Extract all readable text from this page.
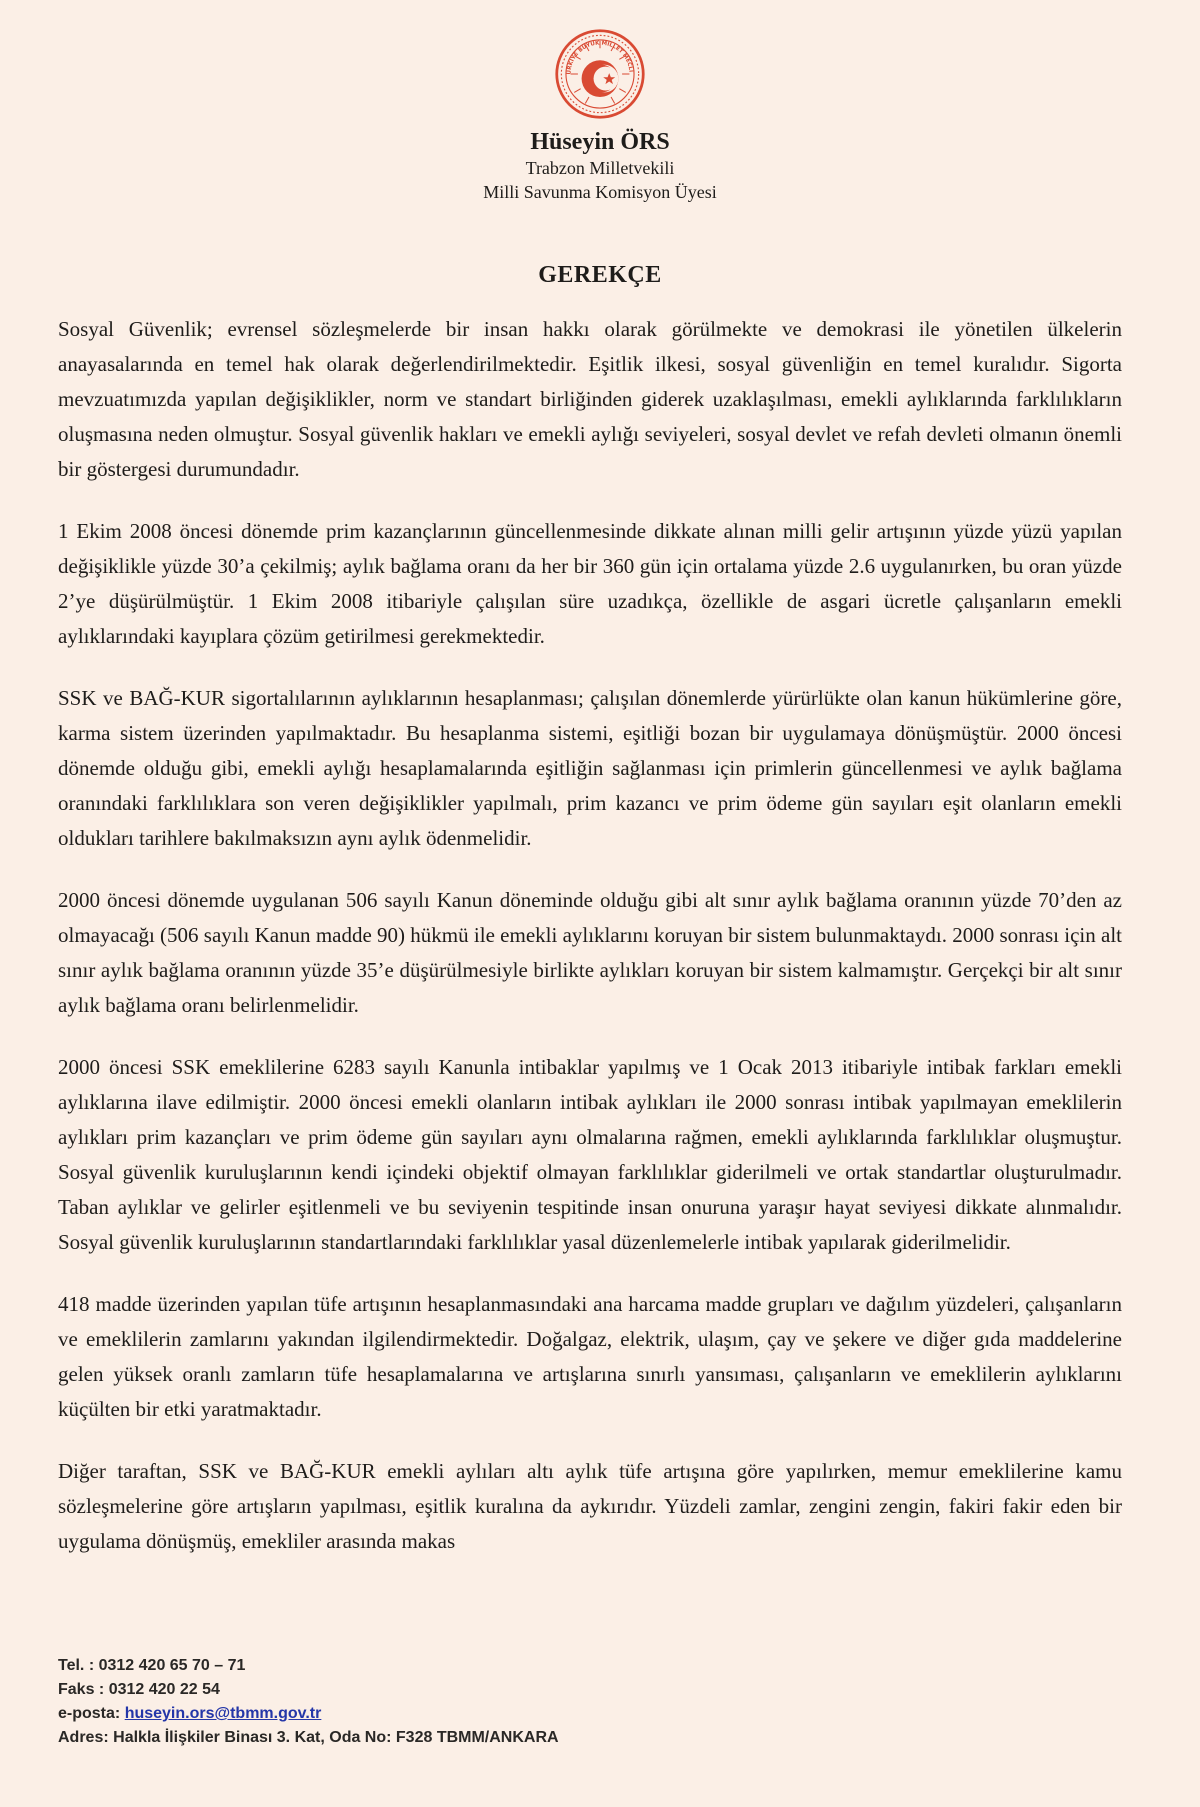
ÜRKİYE BÜYÜK MİLLET MECLİ
Hüseyin ÖRS
Trabzon Milletvekili
Milli Savunma Komisyon Üyesi
GEREKÇE

Sosyal Güvenlik; evrensel sözleşmelerde bir insan hakkı olarak görülmekte ve demokrasi ile yönetilen ülkelerin anayasalarında en temel hak olarak değerlendirilmektedir. Eşitlik ilkesi, sosyal güvenliğin en temel kuralıdır. Sigorta mevzuatımızda yapılan değişiklikler, norm ve standart birliğinden giderek uzaklaşılması, emekli aylıklarında farklılıkların oluşmasına neden olmuştur. Sosyal güvenlik hakları ve emekli aylığı seviyeleri, sosyal devlet ve refah devleti olmanın önemli bir göstergesi durumundadır.

1 Ekim 2008 öncesi dönemde prim kazançlarının güncellenmesinde dikkate alınan milli gelir artışının yüzde yüzü yapılan değişiklikle yüzde 30’a çekilmiş; aylık bağlama oranı da her bir 360 gün için ortalama yüzde 2.6 uygulanırken, bu oran yüzde 2’ye düşürülmüştür. 1 Ekim 2008 itibariyle çalışılan süre uzadıkça, özellikle de asgari ücretle çalışanların emekli aylıklarındaki kayıplara çözüm getirilmesi gerekmektedir.

SSK ve BAĞ-KUR sigortalılarının aylıklarının hesaplanması; çalışılan dönemlerde yürürlükte olan kanun hükümlerine göre, karma sistem üzerinden yapılmaktadır. Bu hesaplanma sistemi, eşitliği bozan bir uygulamaya dönüşmüştür. 2000 öncesi dönemde olduğu gibi, emekli aylığı hesaplamalarında eşitliğin sağlanması için primlerin güncellenmesi ve aylık bağlama oranındaki farklılıklara son veren değişiklikler yapılmalı, prim kazancı ve prim ödeme gün sayıları eşit olanların emekli oldukları tarihlere bakılmaksızın aynı aylık ödenmelidir.

2000 öncesi dönemde uygulanan 506 sayılı Kanun döneminde olduğu gibi alt sınır aylık bağlama oranının yüzde 70’den az olmayacağı (506 sayılı Kanun madde 90) hükmü ile emekli aylıklarını koruyan bir sistem bulunmaktaydı. 2000 sonrası için alt sınır aylık bağlama oranının yüzde 35’e düşürülmesiyle birlikte aylıkları koruyan bir sistem kalmamıştır. Gerçekçi bir alt sınır aylık bağlama oranı belirlenmelidir.

2000 öncesi SSK emeklilerine 6283 sayılı Kanunla intibaklar yapılmış ve 1 Ocak 2013 itibariyle intibak farkları emekli aylıklarına ilave edilmiştir. 2000 öncesi emekli olanların intibak aylıkları ile 2000 sonrası intibak yapılmayan emeklilerin aylıkları prim kazançları ve prim ödeme gün sayıları aynı olmalarına rağmen, emekli aylıklarında farklılıklar oluşmuştur. Sosyal güvenlik kuruluşlarının kendi içindeki objektif olmayan farklılıklar giderilmeli ve ortak standartlar oluşturulmadır. Taban aylıklar ve gelirler eşitlenmeli ve bu seviyenin tespitinde insan onuruna yaraşır hayat seviyesi dikkate alınmalıdır. Sosyal güvenlik kuruluşlarının standartlarındaki farklılıklar yasal düzenlemelerle intibak yapılarak giderilmelidir.

418 madde üzerinden yapılan tüfe artışının hesaplanmasındaki ana harcama madde grupları ve dağılım yüzdeleri, çalışanların ve emeklilerin zamlarını yakından ilgilendirmektedir. Doğalgaz, elektrik, ulaşım, çay ve şekere ve diğer gıda maddelerine gelen yüksek oranlı zamların tüfe hesaplamalarına ve artışlarına sınırlı yansıması, çalışanların ve emeklilerin aylıklarını küçülten bir etki yaratmaktadır.

Diğer taraftan, SSK ve BAĞ-KUR emekli aylıları altı aylık tüfe artışına göre yapılırken, memur emeklilerine kamu sözleşmelerine göre artışların yapılması, eşitlik kuralına da aykırıdır. Yüzdeli zamlar, zengini zengin, fakiri fakir eden bir uygulama dönüşmüş, emekliler arasında makas

Tel. : 0312 420 65 70 – 71
Faks : 0312 420 22 54
e-posta: huseyin.ors@tbmm.gov.tr
Adres: Halkla İlişkiler Binası 3. Kat, Oda No: F328 TBMM/ANKARA
